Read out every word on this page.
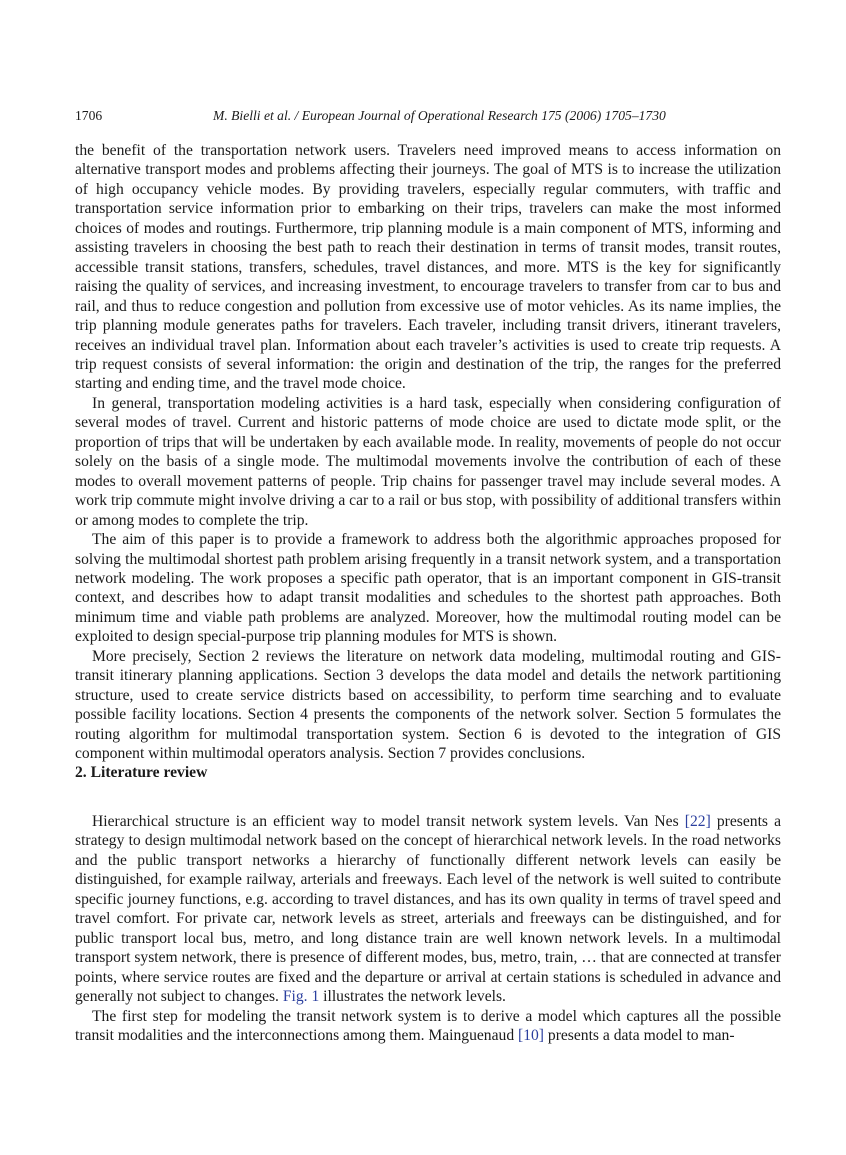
1706	M. Bielli et al. / European Journal of Operational Research 175 (2006) 1705–1730

the benefit of the transportation network users. Travelers need improved means to access information on alternative transport modes and problems affecting their journeys. The goal of MTS is to increase the utilization of high occupancy vehicle modes. By providing travelers, especially regular commuters, with traffic and transportation service information prior to embarking on their trips, travelers can make the most informed choices of modes and routings. Furthermore, trip planning module is a main component of MTS, informing and assisting travelers in choosing the best path to reach their destination in terms of transit modes, transit routes, accessible transit stations, transfers, schedules, travel distances, and more. MTS is the key for significantly raising the quality of services, and increasing investment, to encourage travelers to transfer from car to bus and rail, and thus to reduce congestion and pollution from excessive use of motor vehicles. As its name implies, the trip planning module generates paths for travelers. Each traveler, including transit drivers, itinerant travelers, receives an individual travel plan. Information about each traveler’s activities is used to create trip requests. A trip request consists of several information: the origin and destination of the trip, the ranges for the preferred starting and ending time, and the travel mode choice.

In general, transportation modeling activities is a hard task, especially when considering configuration of several modes of travel. Current and historic patterns of mode choice are used to dictate mode split, or the proportion of trips that will be undertaken by each available mode. In reality, movements of people do not occur solely on the basis of a single mode. The multimodal movements involve the contribution of each of these modes to overall movement patterns of people. Trip chains for passenger travel may include several modes. A work trip commute might involve driving a car to a rail or bus stop, with possibility of additional transfers within or among modes to complete the trip.

The aim of this paper is to provide a framework to address both the algorithmic approaches proposed for solving the multimodal shortest path problem arising frequently in a transit network system, and a transportation network modeling. The work proposes a specific path operator, that is an important component in GIS-transit context, and describes how to adapt transit modalities and schedules to the shortest path approaches. Both minimum time and viable path problems are analyzed. Moreover, how the multimodal routing model can be exploited to design special-purpose trip planning modules for MTS is shown.

More precisely, Section 2 reviews the literature on network data modeling, multimodal routing and GIS-transit itinerary planning applications. Section 3 develops the data model and details the network partitioning structure, used to create service districts based on accessibility, to perform time searching and to evaluate possible facility locations. Section 4 presents the components of the network solver. Section 5 formulates the routing algorithm for multimodal transportation system. Section 6 is devoted to the integration of GIS component within multimodal operators analysis. Section 7 provides conclusions.

2. Literature review

Hierarchical structure is an efficient way to model transit network system levels. Van Nes [22] presents a strategy to design multimodal network based on the concept of hierarchical network levels. In the road networks and the public transport networks a hierarchy of functionally different network levels can easily be distinguished, for example railway, arterials and freeways. Each level of the network is well suited to contribute specific journey functions, e.g. according to travel distances, and has its own quality in terms of travel speed and travel comfort. For private car, network levels as street, arterials and freeways can be distinguished, and for public transport local bus, metro, and long distance train are well known network levels. In a multimodal transport system network, there is presence of different modes, bus, metro, train, … that are connected at transfer points, where service routes are fixed and the departure or arrival at certain stations is scheduled in advance and generally not subject to changes. Fig. 1 illustrates the network levels.

The first step for modeling the transit network system is to derive a model which captures all the possible transit modalities and the interconnections among them. Mainguenaud [10] presents a data model to man-
